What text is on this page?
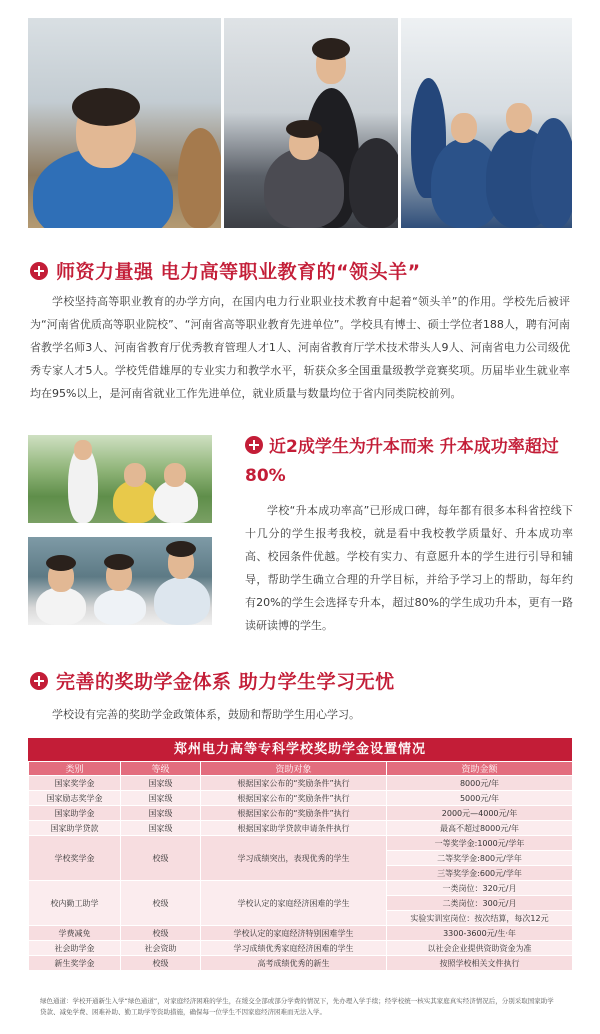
师资力量强 电力高等职业教育的“领头羊”
学校坚持高等职业教育的办学方向，在国内电力行业职业技术教育中起着“领头羊”的作用。学校先后被评为“河南省优质高等职业院校”、“河南省高等职业教育先进单位”。学校具有博士、硕士学位者188人，聘有河南省教学名师3人、河南省教育厅优秀教育管理人才1人、河南省教育厅学术技术带头人9人、河南省电力公司级优秀专家人才5人。学校凭借雄厚的专业实力和教学水平，斩获众多全国重量级教学竞赛奖项。历届毕业生就业率均在95%以上，是河南省就业工作先进单位，就业质量与数量均位于省内同类院校前列。
近2成学生为升本而来 升本成功率超过80%
学校“升本成功率高”已形成口碑，每年都有很多本科省控线下十几分的学生报考我校，就是看中我校教学质量好、升本成功率高、校园条件优越。学校有实力、有意愿升本的学生进行引导和辅导，帮助学生确立合理的升学目标，并给予学习上的帮助，每年约有20%的学生会选择专升本，超过80%的学生成功升本，更有一路读研读博的学生。
完善的奖助学金体系 助力学生学习无忧
学校设有完善的奖助学金政策体系，鼓励和帮助学生用心学习。
郑州电力高等专科学校奖助学金设置情况
类别	等级	资助对象	资助金额
国家奖学金	国家级	根据国家公布的“奖励条件”执行	8000元/年
国家励志奖学金	国家级	根据国家公布的“奖励条件”执行	5000元/年
国家助学金	国家级	根据国家公布的“奖励条件”执行	2000元—4000元/年
国家助学贷款	国家级	根据国家助学贷款申请条件执行	最高不超过8000元/年
学校奖学金	校级	学习成绩突出，表现优秀的学生	一等奖学金:1000元/学年
			二等奖学金:800元/学年
			三等奖学金:600元/学年
校内勤工助学	校级	学校认定的家庭经济困难的学生	一类岗位：320元/月
			二类岗位：300元/月
			实验实训室岗位：按次结算，每次12元
学费减免	校级	学校认定的家庭经济特别困难学生	3300-3600元/生·年
社会助学金	社会资助	学习成绩优秀家庭经济困难的学生	以社会企业提供资助资金为准
新生奖学金	校级	高考成绩优秀的新生	按照学校相关文件执行
绿色通道：学校开通新生入学“绿色通道”，对家庭经济困难的学生，在缓交全部或部分学费的情况下，先办理入学手续；经学校统一核实其家庭真实经济情况后，分别采取国家助学贷款、减免学费、困难补助、勤工助学等资助措施，确保每一位学生不因家庭经济困难而无法入学。
